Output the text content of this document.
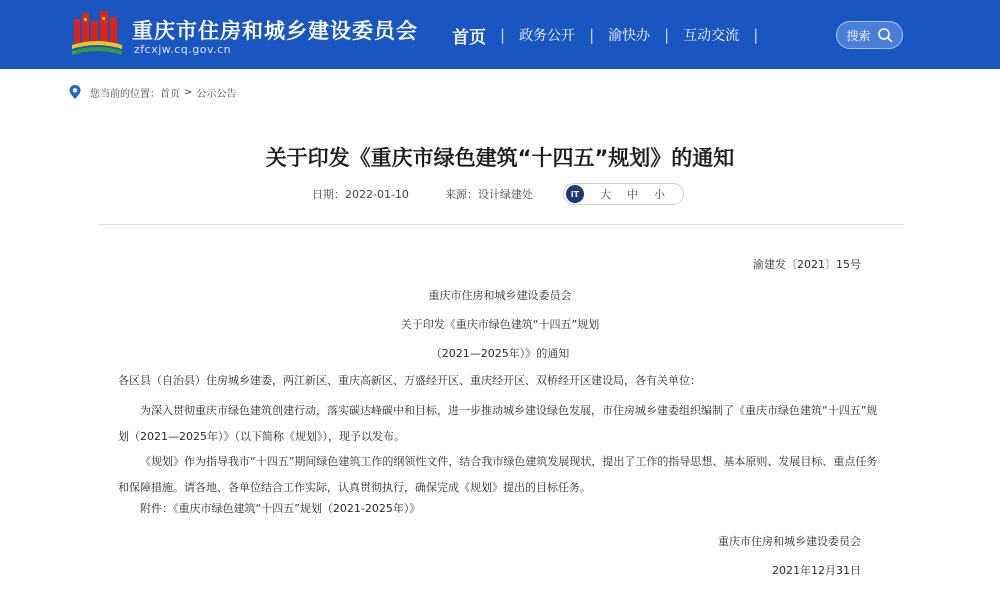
重庆市住房和城乡建设委员会
zfcxjw.cq.gov.cn
首页 | 政务公开 | 渝快办 | 互动交流 |	搜索
您当前的位置： 首页 > 公示公告
关于印发《重庆市绿色建筑“十四五”规划》的通知
日期：2022-01-10	来源：设计绿建处	iT	大 中 小
渝建发〔2021〕15号
重庆市住房和城乡建设委员会
关于印发《重庆市绿色建筑“十四五”规划
（2021—2025年）》的通知
各区县（自治县）住房城乡建委，两江新区、重庆高新区、万盛经开区、重庆经开区、双桥经开区建设局，各有关单位：
为深入贯彻重庆市绿色建筑创建行动，落实碳达峰碳中和目标，进一步推动城乡建设绿色发展，市住房城乡建委组织编制了《重庆市绿色建筑“十四五”规划（2021—2025年）》（以下简称《规划》），现予以发布。
《规划》作为指导我市“十四五”期间绿色建筑工作的纲领性文件，结合我市绿色建筑发展现状，提出了工作的指导思想、基本原则、发展目标、重点任务和保障措施。请各地、各单位结合工作实际，认真贯彻执行，确保完成《规划》提出的目标任务。
附件：《重庆市绿色建筑“十四五”规划（2021-2025年）》
重庆市住房和城乡建设委员会
2021年12月31日
